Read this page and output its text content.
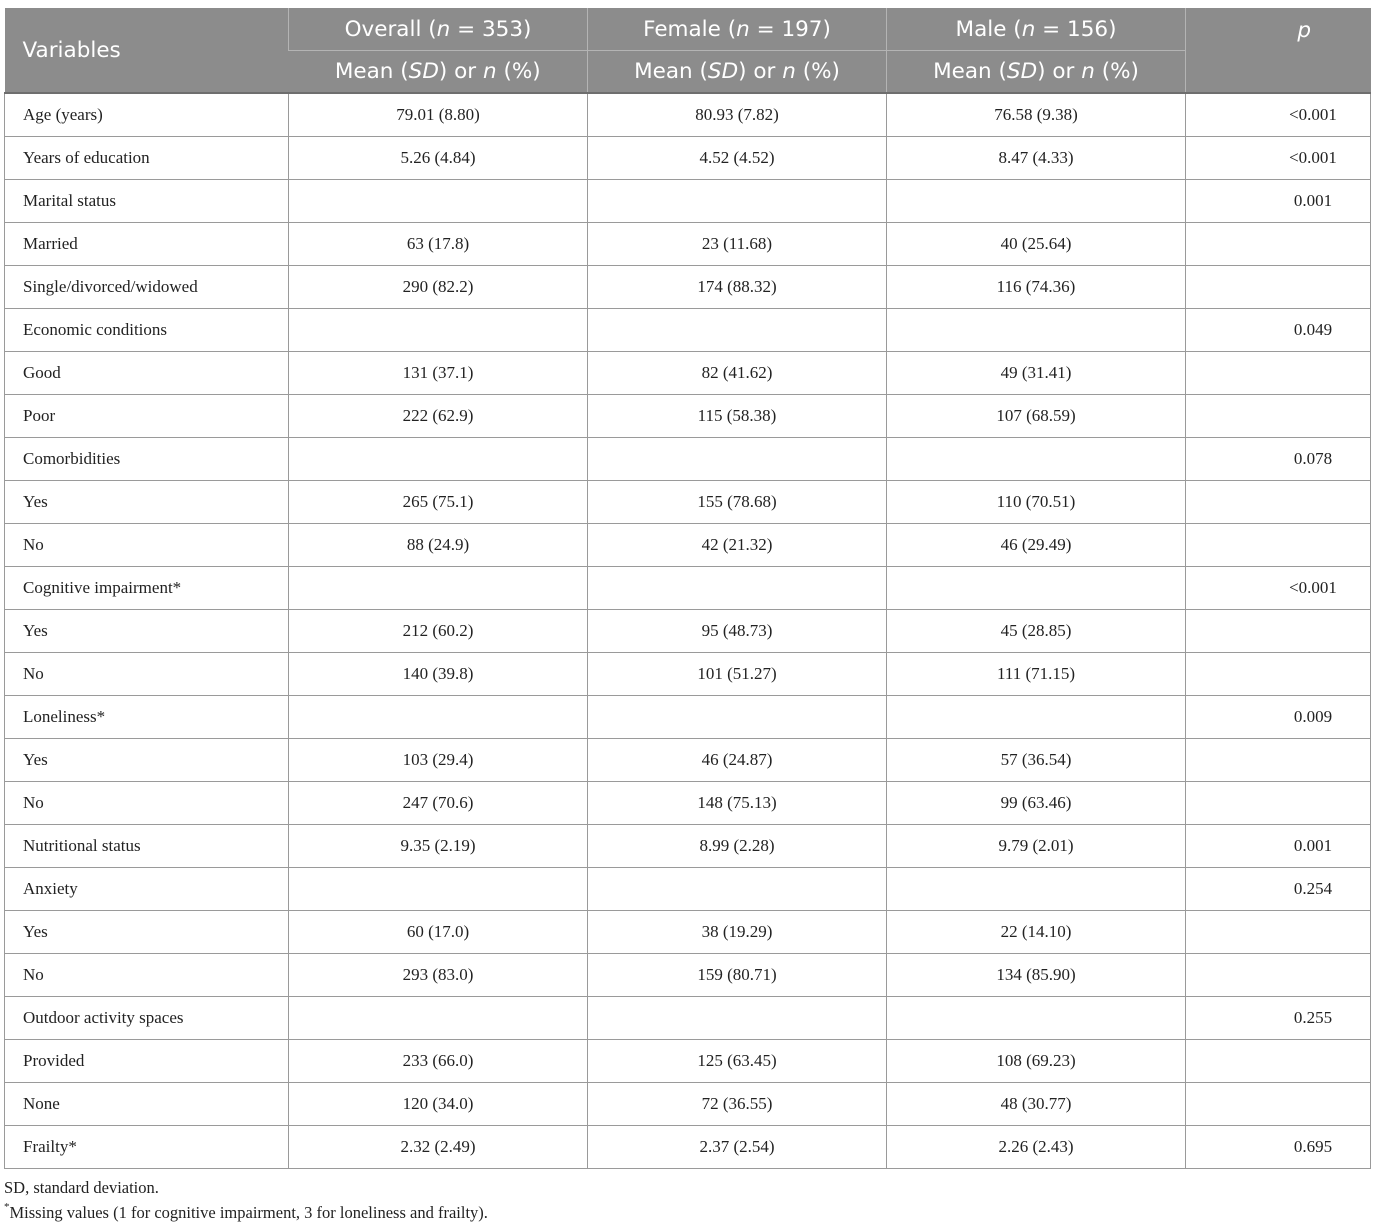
Variables	Overall (n = 353)	Female (n = 197)	Male (n = 156)	p
	Mean (SD) or n (%)	Mean (SD) or n (%)	Mean (SD) or n (%)	
Age (years)	79.01 (8.80)	80.93 (7.82)	76.58 (9.38)	<0.001
Years of education	5.26 (4.84)	4.52 (4.52)	8.47 (4.33)	<0.001
Marital status				0.001
Married	63 (17.8)	23 (11.68)	40 (25.64)	
Single/divorced/widowed	290 (82.2)	174 (88.32)	116 (74.36)	
Economic conditions				0.049
Good	131 (37.1)	82 (41.62)	49 (31.41)	
Poor	222 (62.9)	115 (58.38)	107 (68.59)	
Comorbidities				0.078
Yes	265 (75.1)	155 (78.68)	110 (70.51)	
No	88 (24.9)	42 (21.32)	46 (29.49)	
Cognitive impairment*				<0.001
Yes	212 (60.2)	95 (48.73)	45 (28.85)	
No	140 (39.8)	101 (51.27)	111 (71.15)	
Loneliness*				0.009
Yes	103 (29.4)	46 (24.87)	57 (36.54)	
No	247 (70.6)	148 (75.13)	99 (63.46)	
Nutritional status	9.35 (2.19)	8.99 (2.28)	9.79 (2.01)	0.001
Anxiety				0.254
Yes	60 (17.0)	38 (19.29)	22 (14.10)	
No	293 (83.0)	159 (80.71)	134 (85.90)	
Outdoor activity spaces				0.255
Provided	233 (66.0)	125 (63.45)	108 (69.23)	
None	120 (34.0)	72 (36.55)	48 (30.77)	
Frailty*	2.32 (2.49)	2.37 (2.54)	2.26 (2.43)	0.695
SD, standard deviation.
*Missing values (1 for cognitive impairment, 3 for loneliness and frailty).
